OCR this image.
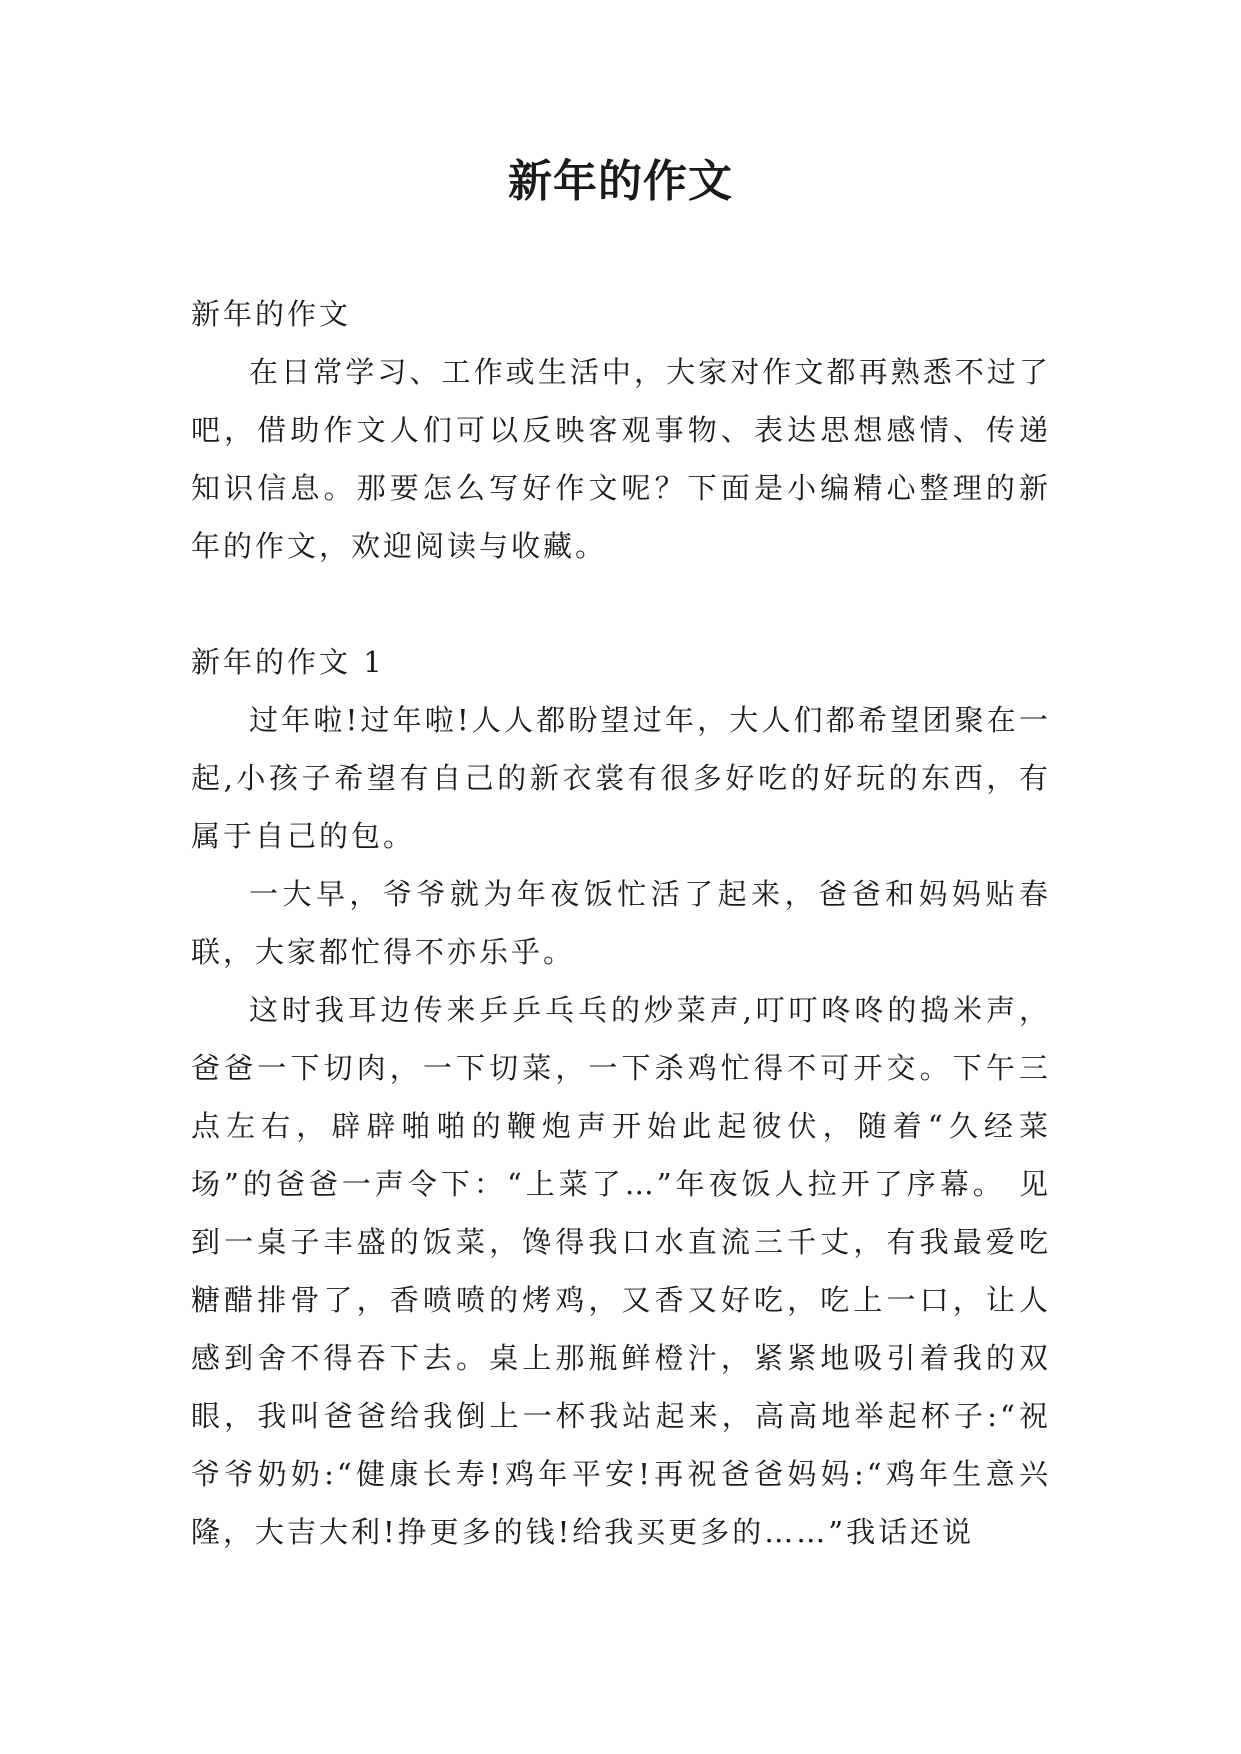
新年的作文

新年的作文

在日常学习、工作或生活中，大家对作文都再熟悉不过了吧，借助作文人们可以反映客观事物、表达思想感情、传递知识信息。那要怎么写好作文呢？下面是小编精心整理的新年的作文，欢迎阅读与收藏。

新年的作文 1

过年啦!过年啦!人人都盼望过年，大人们都希望团聚在一起,小孩子希望有自己的新衣裳有很多好吃的好玩的东西，有属于自己的包。

一大早，爷爷就为年夜饭忙活了起来，爸爸和妈妈贴春联，大家都忙得不亦乐乎。

这时我耳边传来乒乒乓乓的炒菜声,叮叮咚咚的捣米声，爸爸一下切肉，一下切菜，一下杀鸡忙得不可开交。下午三点左右，辟辟啪啪的鞭炮声开始此起彼伏，随着“久经菜场”的爸爸一声令下：“上菜了…”年夜饭人拉开了序幕。 见到一桌子丰盛的饭菜，馋得我口水直流三千丈，有我最爱吃糖醋排骨了，香喷喷的烤鸡，又香又好吃，吃上一口，让人感到舍不得吞下去。桌上那瓶鲜橙汁，紧紧地吸引着我的双眼，我叫爸爸给我倒上一杯我站起来，高高地举起杯子:“祝爷爷奶奶:“健康长寿!鸡年平安!再祝爸爸妈妈:“鸡年生意兴隆，大吉大利!挣更多的钱!给我买更多的……”我话还说
